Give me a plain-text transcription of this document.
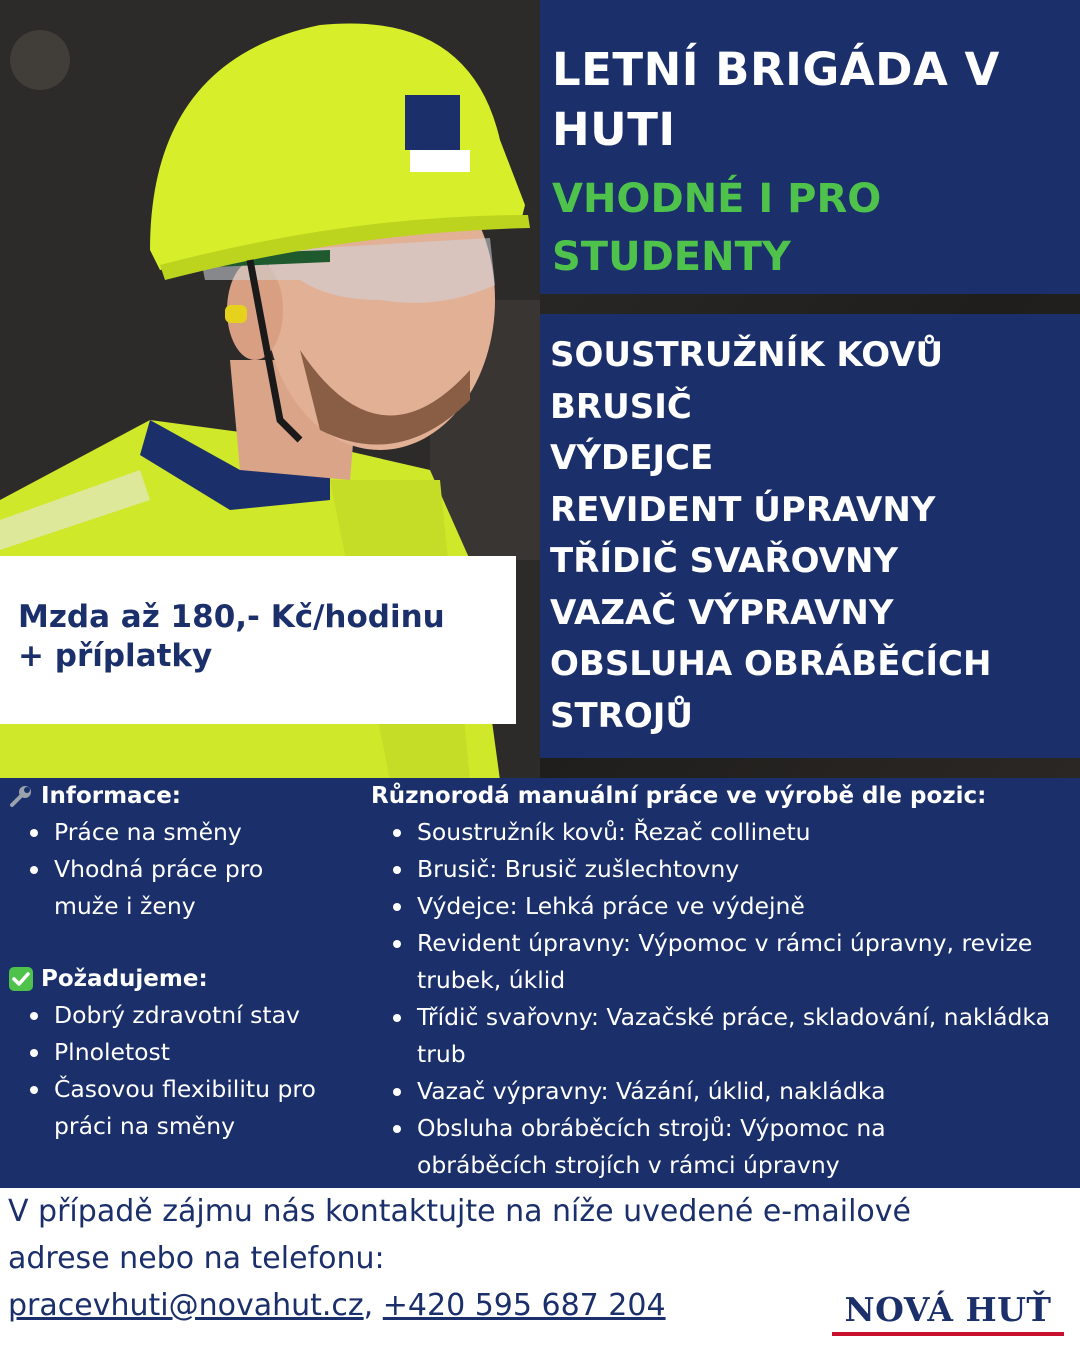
LETNÍ BRIGÁDA V
HUTI
VHODNÉ I PRO
STUDENTY
SOUSTRUŽNÍK KOVŮ
BRUSIČ
VÝDEJCE
REVIDENT ÚPRAVNY
TŘÍDIČ SVAŘOVNY
VAZAČ VÝPRAVNY
OBSLUHA OBRÁBĚCÍCH
STROJŮ
Mzda až 180,- Kč/hodinu
+ příplatky
Informace:
Práce na směny
Vhodná práce pro muže i ženy
Požadujeme:
Dobrý zdravotní stav
Plnoletost
Časovou flexibilitu pro práci na směny
Různorodá manuální práce ve výrobě dle pozic:
Soustružník kovů: Řezač collinetu
Brusič: Brusič zušlechtovny
Výdejce: Lehká práce ve výdejně
Revident úpravny: Výpomoc v rámci úpravny, revize trubek, úklid
Třídič svařovny: Vazačské práce, skladování, nakládka trub
Vazač výpravny: Vázání, úklid, nakládka
Obsluha obráběcích strojů: Výpomoc na obráběcích strojích v rámci úpravny
V případě zájmu nás kontaktujte na níže uvedené e-mailové
adrese nebo na telefonu:
pracevhuti@novahut.cz, +420 595 687 204	NOVÁ HUŤ
